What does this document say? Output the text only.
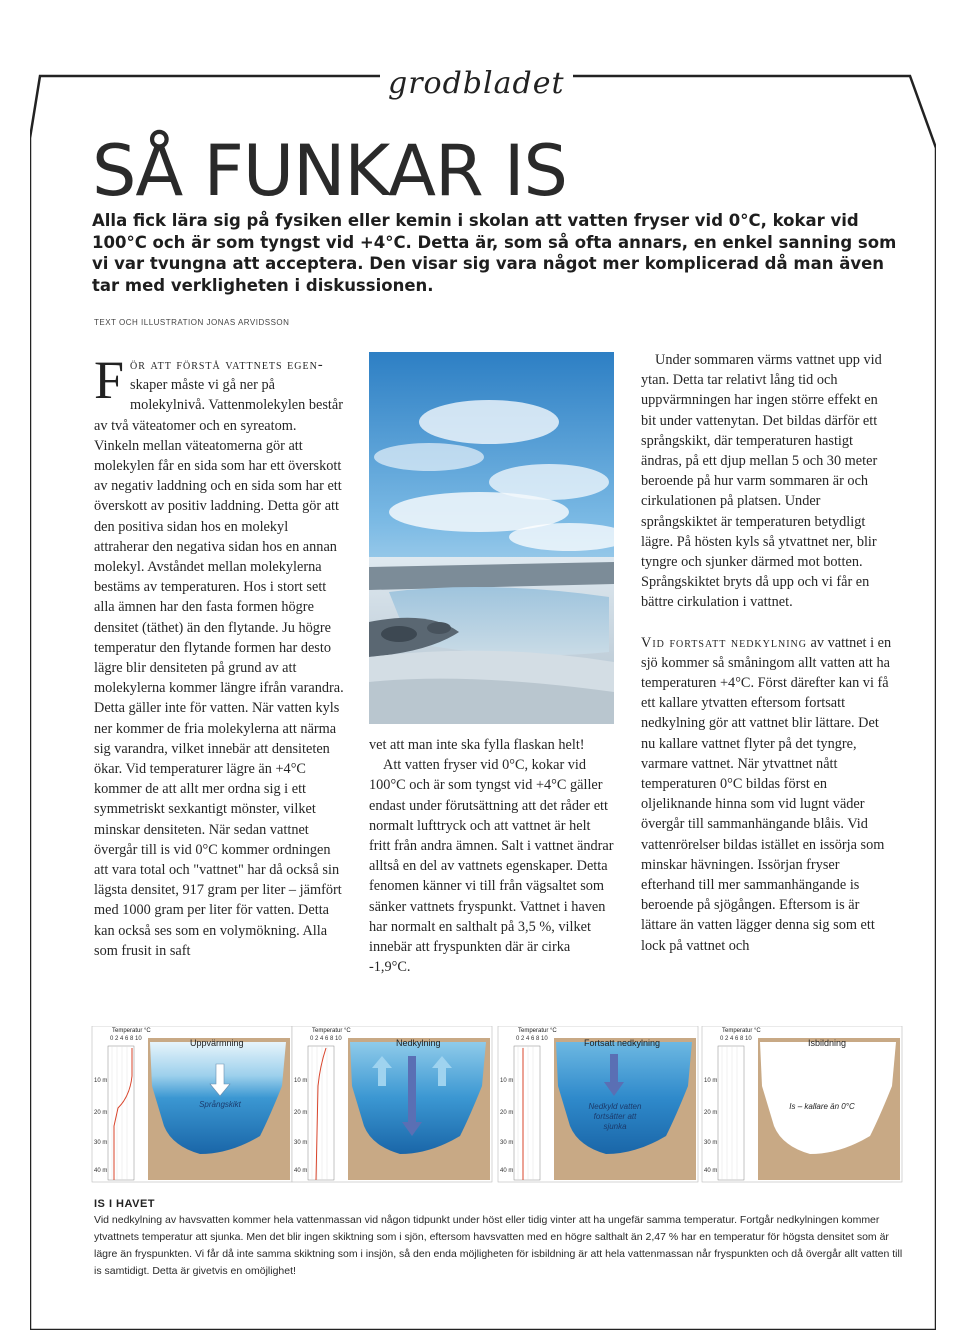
grodbladet
SÅ FUNKAR IS
Alla fick lära sig på fysiken eller kemin i skolan att vatten fryser vid 0°C, kokar vid 100°C och är som tyngst vid +4°C. Detta är, som så ofta annars, en enkel sanning som vi var tvungna att acceptera. Den visar sig vara något mer komplicerad då man även tar med verkligheten i diskussionen.
TEXT OCH ILLUSTRATION JONAS ARVIDSSON

För att förstå vattnets egen- skaper måste vi gå ner på molekylnivå. Vattenmolekylen består av två väteatomer och en syreatom. Vinkeln mellan väteatomerna gör att molekylen får en sida som har ett överskott av negativ laddning och en sida som har ett överskott av positiv laddning. Detta gör att den positiva sidan hos en molekyl attraherar den negativa sidan hos en annan molekyl. Avståndet mellan molekylerna bestäms av temperaturen. Hos i stort sett alla ämnen har den fasta formen högre densitet (täthet) än den flytande. Ju högre temperatur den flytande formen har desto lägre blir densiteten på grund av att molekylerna kommer längre ifrån varandra. Detta gäller inte för vatten. När vatten kyls ner kommer de fria molekylerna att närma sig varandra, vilket innebär att densiteten ökar. Vid temperaturer lägre än +4°C kommer de att allt mer ordna sig i ett symmetriskt sexkantigt mönster, vilket minskar densiteten. När sedan vattnet övergår till is vid 0°C kommer ordningen att vara total och "vattnet" har då också sin lägsta densitet, 917 gram per liter – jämfört med 1000 gram per liter för vatten. Detta kan också ses som en volymökning. Alla som frusit in saft

vet att man inte ska fylla flaskan helt!

Att vatten fryser vid 0°C, kokar vid 100°C och är som tyngst vid +4°C gäller endast under förutsättning att det råder ett normalt lufttryck och att vattnet är helt fritt från andra ämnen. Salt i vattnet ändrar alltså en del av vattnets egenskaper. Detta fenomen känner vi till från vägsaltet som sänker vattnets fryspunkt. Vattnet i haven har normalt en salthalt på 3,5 %, vilket innebär att fryspunkten där är cirka -1,9°C.

Under sommaren värms vattnet upp vid ytan. Detta tar relativt lång tid och uppvärmningen har ingen större effekt en bit under vattenytan. Det bildas därför ett språngskikt, där temperaturen hastigt ändras, på ett djup mellan 5 och 30 meter beroende på hur varm sommaren är och cirkulationen på platsen. Under språngskiktet är temperaturen betydligt lägre. På hösten kyls så ytvattnet ner, blir tyngre och sjunker därmed mot botten. Språngskiktet bryts då upp och vi får en bättre cirkulation i vattnet.

Vid fortsatt nedkylning av vattnet i en sjö kommer så småningom allt vatten att ha temperaturen +4°C. Först därefter kan vi få ett kallare ytvatten eftersom fortsatt nedkylning gör att vattnet blir lättare. Det nu kallare vattnet flyter på det tyngre, varmare vattnet. När ytvattnet nått temperaturen 0°C bildas först en oljeliknande hinna som vid lugnt väder övergår till sammanhängande blåis. Vid vattenrörelser bildas istället en issörja som minskar hävningen. Issörjan fryser efterhand till mer sammanhängande is beroende på sjögången. Eftersom is är lättare än vatten lägger denna sig som ett lock på vattnet och

Temperatur °C
0 2 4 6 8 10	Uppvärmning
10 m
20 m
30 m
40 m
Språngskikt
Temperatur °C
0 2 4 6 8 10	Nedkylning
10 m
20 m
30 m
40 m
Temperatur °C
0 2 4 6 8 10	Fortsatt nedkylning
10 m
20 m
30 m
40 m
Nedkyld vatten fortsätter att sjunka
Temperatur °C
0 2 4 6 8 10	Isbildning
10 m
20 m
30 m
40 m
Is – kallare än 0°C
IS I HAVET
Vid nedkylning av havsvatten kommer hela vattenmassan vid någon tidpunkt under höst eller tidig vinter att ha ungefär samma temperatur. Fortgår nedkylningen kommer ytvattnets temperatur att sjunka. Men det blir ingen skiktning som i sjön, eftersom havsvatten med en högre salthalt än 2,47 % har en temperatur för högsta densitet som är lägre än fryspunkten. Vi får då inte samma skiktning som i insjön, så den enda möjligheten för isbildning är att hela vattenmassan når fryspunkten och då övergår allt vatten till is samtidigt. Detta är givetvis en omöjlighet!
